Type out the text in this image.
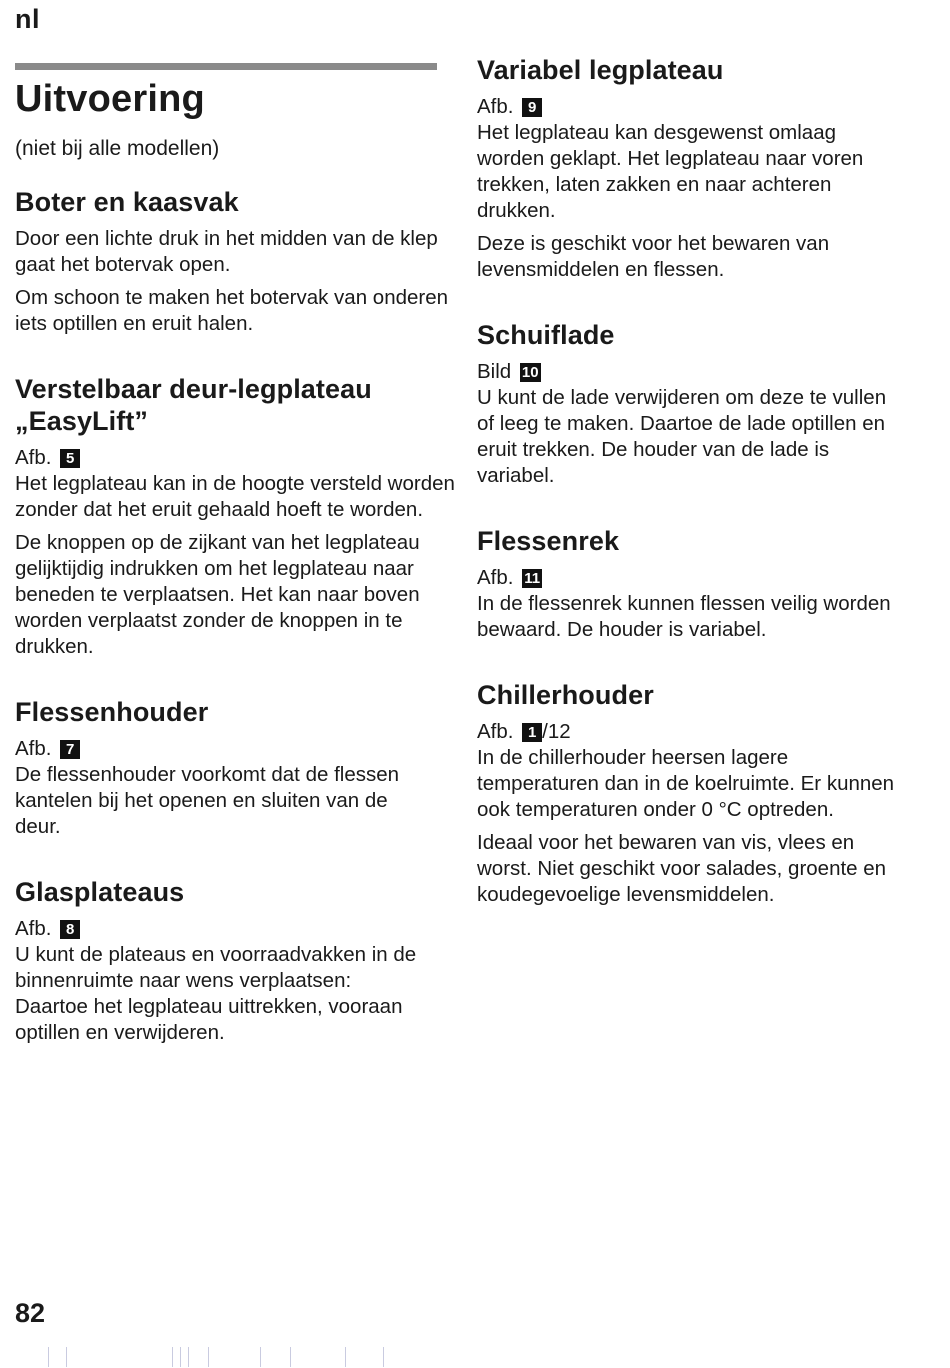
nl
Uitvoering

(niet bij alle modellen)

Boter en kaasvak

Door een lichte druk in het midden van de klep gaat het botervak open.

Om schoon te maken het botervak van onderen iets optillen en eruit halen.

Verstelbaar deur-legplateau
„EasyLift”
Afb. 5

Het legplateau kan in de hoogte versteld worden zonder dat het eruit gehaald hoeft te worden.

De knoppen op de zijkant van het legplateau gelijktijdig indrukken om het legplateau naar beneden te verplaatsen. Het kan naar boven worden verplaatst zonder de knoppen in te drukken.

Flessenhouder
Afb. 7

De flessenhouder voorkomt dat de flessen kantelen bij het openen en sluiten van de deur.

Glasplateaus
Afb. 8

U kunt de plateaus en voorraadvakken in de binnenruimte naar wens verplaatsen: Daartoe het legplateau uittrekken, vooraan optillen en verwijderen.

Variabel legplateau
Afb. 9

Het legplateau kan desgewenst omlaag worden geklapt. Het legplateau naar voren trekken, laten zakken en naar achteren drukken.

Deze is geschikt voor het bewaren van levensmiddelen en flessen.

Schuiflade
Bild 10

U kunt de lade verwijderen om deze te vullen of leeg te maken. Daartoe de lade optillen en eruit trekken. De houder van de lade is variabel.

Flessenrek
Afb. 11

In de flessenrek kunnen flessen veilig worden bewaard. De houder is variabel.

Chillerhouder
Afb. 1 /12

In de chillerhouder heersen lagere temperaturen dan in de koelruimte. Er kunnen ook temperaturen onder 0 °C optreden.

Ideaal voor het bewaren van vis, vlees en worst. Niet geschikt voor salades, groente en koudegevoelige levensmiddelen.

82
